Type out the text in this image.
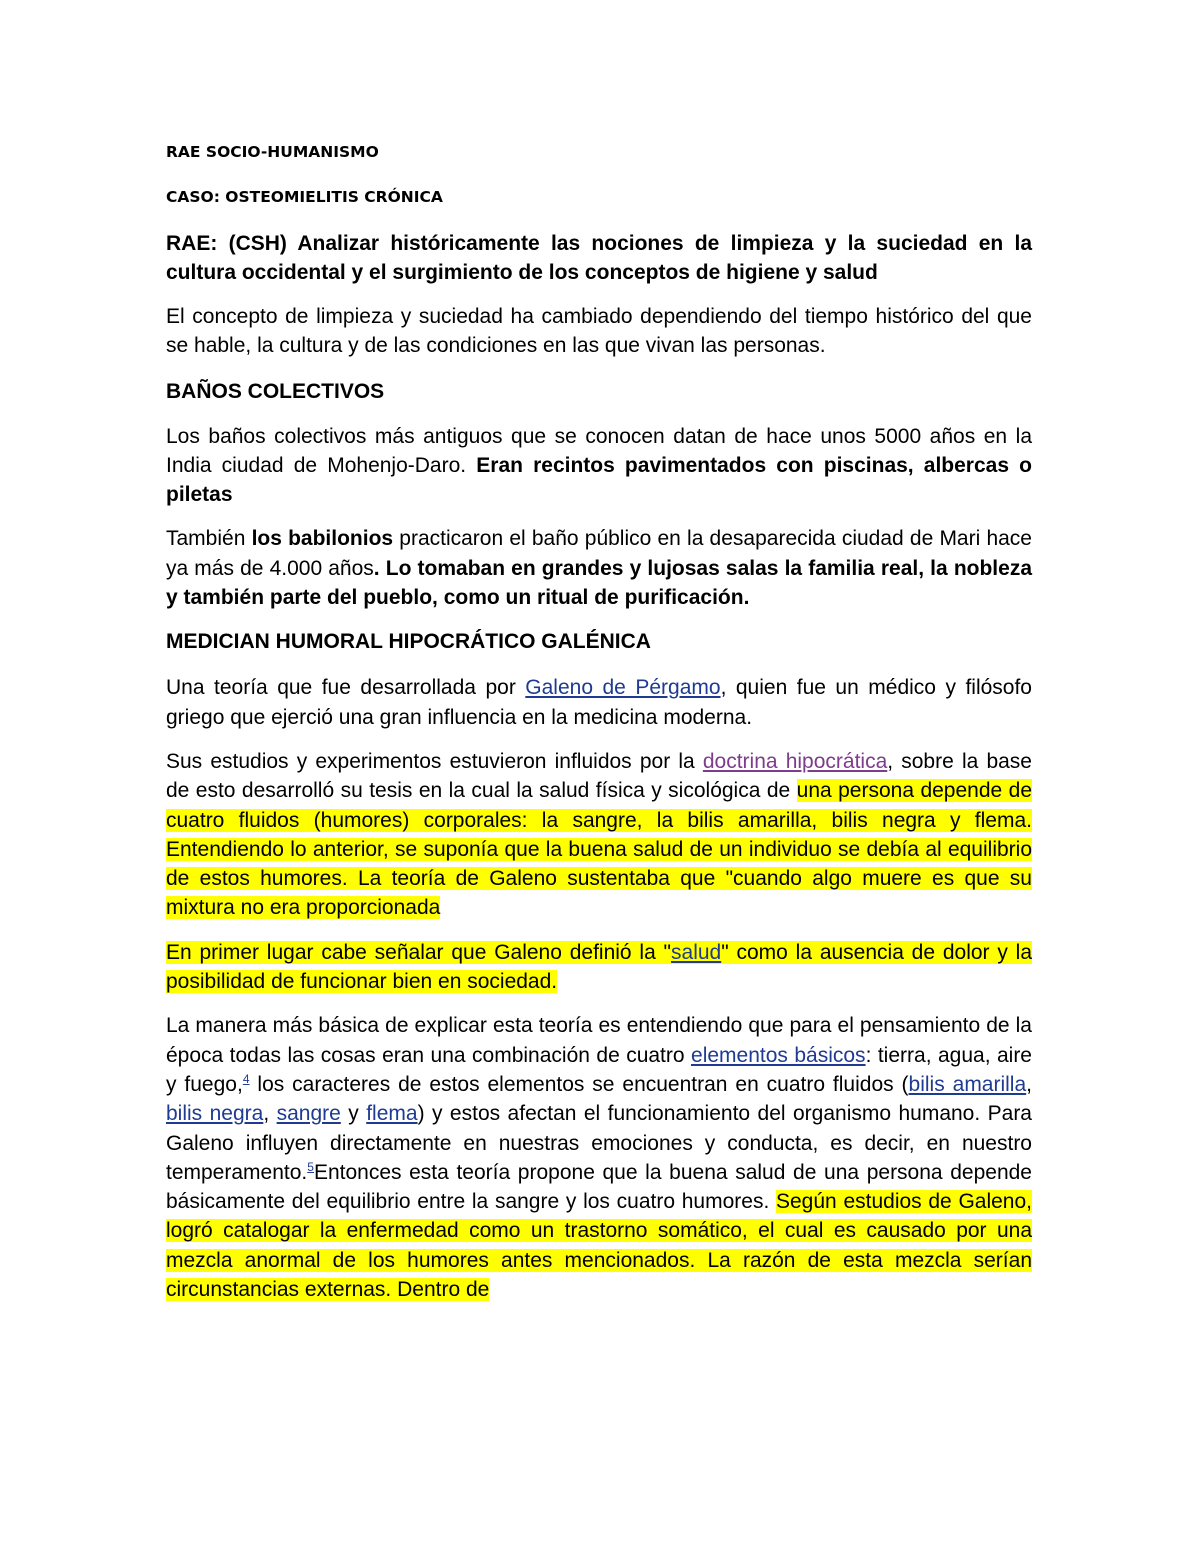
RAE SOCIO-HUMANISMO

CASO: OSTEOMIELITIS CRÓNICA

RAE: (CSH) Analizar históricamente las nociones de limpieza y la suciedad en la cultura occidental y el surgimiento de los conceptos de higiene y salud

El concepto de limpieza y suciedad ha cambiado dependiendo del tiempo histórico del que se hable, la cultura y de las condiciones en las que vivan las personas.

BAÑOS COLECTIVOS

Los baños colectivos más antiguos que se conocen datan de hace unos 5000 años en la India ciudad de Mohenjo-Daro. Eran recintos pavimentados con piscinas, albercas o piletas

También los babilonios practicaron el baño público en la desaparecida ciudad de Mari hace ya más de 4.000 años. Lo tomaban en grandes y lujosas salas la familia real, la nobleza y también parte del pueblo, como un ritual de purificación.

MEDICIAN HUMORAL HIPOCRÁTICO GALÉNICA

Una teoría que fue desarrollada por Galeno de Pérgamo, quien fue un médico y filósofo griego que ejerció una gran influencia en la medicina moderna.

Sus estudios y experimentos estuvieron influidos por la doctrina hipocrática, sobre la base de esto desarrolló su tesis en la cual la salud física y sicológica de una persona depende de cuatro fluidos (humores) corporales: la sangre, la bilis amarilla, bilis negra y flema. Entendiendo lo anterior, se suponía que la buena salud de un individuo se debía al equilibrio de estos humores. La teoría de Galeno sustentaba que "cuando algo muere es que su mixtura no era proporcionada

En primer lugar cabe señalar que Galeno definió la "salud" como la ausencia de dolor y la posibilidad de funcionar bien en sociedad.

La manera más básica de explicar esta teoría es entendiendo que para el pensamiento de la época todas las cosas eran una combinación de cuatro elementos básicos: tierra, agua, aire y fuego,$^4$ los caracteres de estos elementos se encuentran en cuatro fluidos (bilis amarilla, bilis negra, sangre y flema) y estos afectan el funcionamiento del organismo humano. Para Galeno influyen directamente en nuestras emociones y conducta, es decir, en nuestro temperamento.$^5$Entonces esta teoría propone que la buena salud de una persona depende básicamente del equilibrio entre la sangre y los cuatro humores. Según estudios de Galeno, logró catalogar la enfermedad como un trastorno somático, el cual es causado por una mezcla anormal de los humores antes mencionados. La razón de esta mezcla serían circunstancias externas. Dentro de
